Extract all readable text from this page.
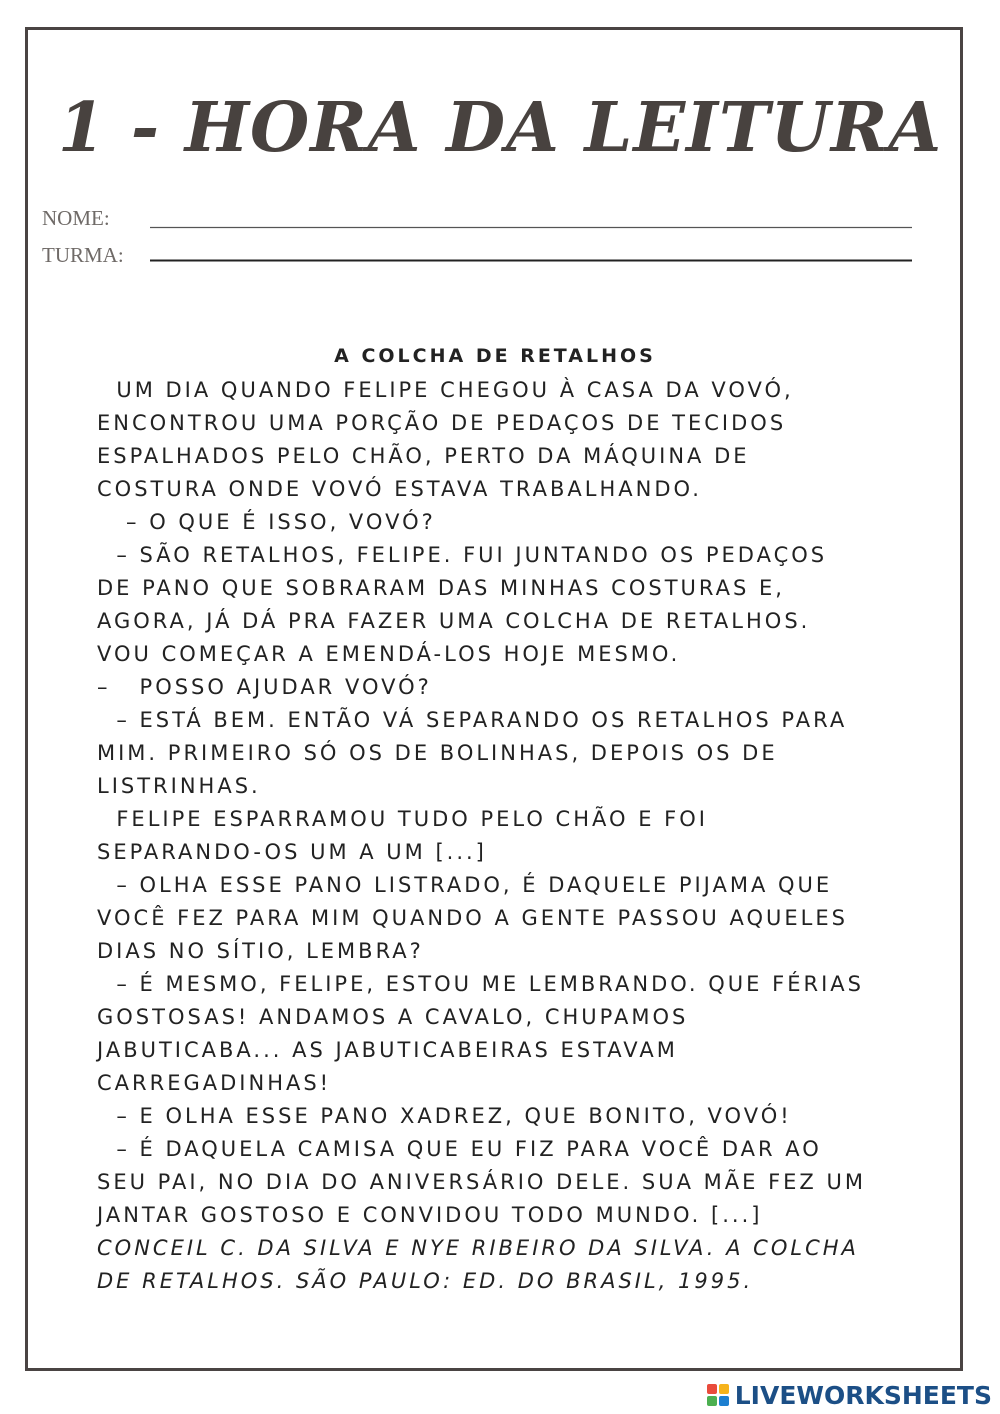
1 - HORA DA LEITURA
NOME:
TURMA:
A COLCHA DE RETALHOS
UM DIA QUANDO FELIPE CHEGOU À CASA DA VOVÓ,
ENCONTROU UMA PORÇÃO DE PEDAÇOS DE TECIDOS
ESPALHADOS PELO CHÃO, PERTO DA MÁQUINA DE
COSTURA ONDE VOVÓ ESTAVA TRABALHANDO.
– O QUE É ISSO, VOVÓ?
– SÃO RETALHOS, FELIPE. FUI JUNTANDO OS PEDAÇOS
DE PANO QUE SOBRARAM DAS MINHAS COSTURAS E,
AGORA, JÁ DÁ PRA FAZER UMA COLCHA DE RETALHOS.
VOU COMEÇAR A EMENDÁ-LOS HOJE MESMO.
–   POSSO AJUDAR VOVÓ?
– ESTÁ BEM. ENTÃO VÁ SEPARANDO OS RETALHOS PARA
MIM. PRIMEIRO SÓ OS DE BOLINHAS, DEPOIS OS DE
LISTRINHAS.
FELIPE ESPARRAMOU TUDO PELO CHÃO E FOI
SEPARANDO-OS UM A UM [...]
– OLHA ESSE PANO LISTRADO, É DAQUELE PIJAMA QUE
VOCÊ FEZ PARA MIM QUANDO A GENTE PASSOU AQUELES
DIAS NO SÍTIO, LEMBRA?
– É MESMO, FELIPE, ESTOU ME LEMBRANDO. QUE FÉRIAS
GOSTOSAS! ANDAMOS A CAVALO, CHUPAMOS
JABUTICABA... AS JABUTICABEIRAS ESTAVAM
CARREGADINHAS!
– E OLHA ESSE PANO XADREZ, QUE BONITO, VOVÓ!
– É DAQUELA CAMISA QUE EU FIZ PARA VOCÊ DAR AO
SEU PAI, NO DIA DO ANIVERSÁRIO DELE. SUA MÃE FEZ UM
JANTAR GOSTOSO E CONVIDOU TODO MUNDO. [...]
CONCEIL C. DA SILVA E NYE RIBEIRO DA SILVA. A COLCHA
DE RETALHOS. SÃO PAULO: ED. DO BRASIL, 1995.
LIVEWORKSHEETS
